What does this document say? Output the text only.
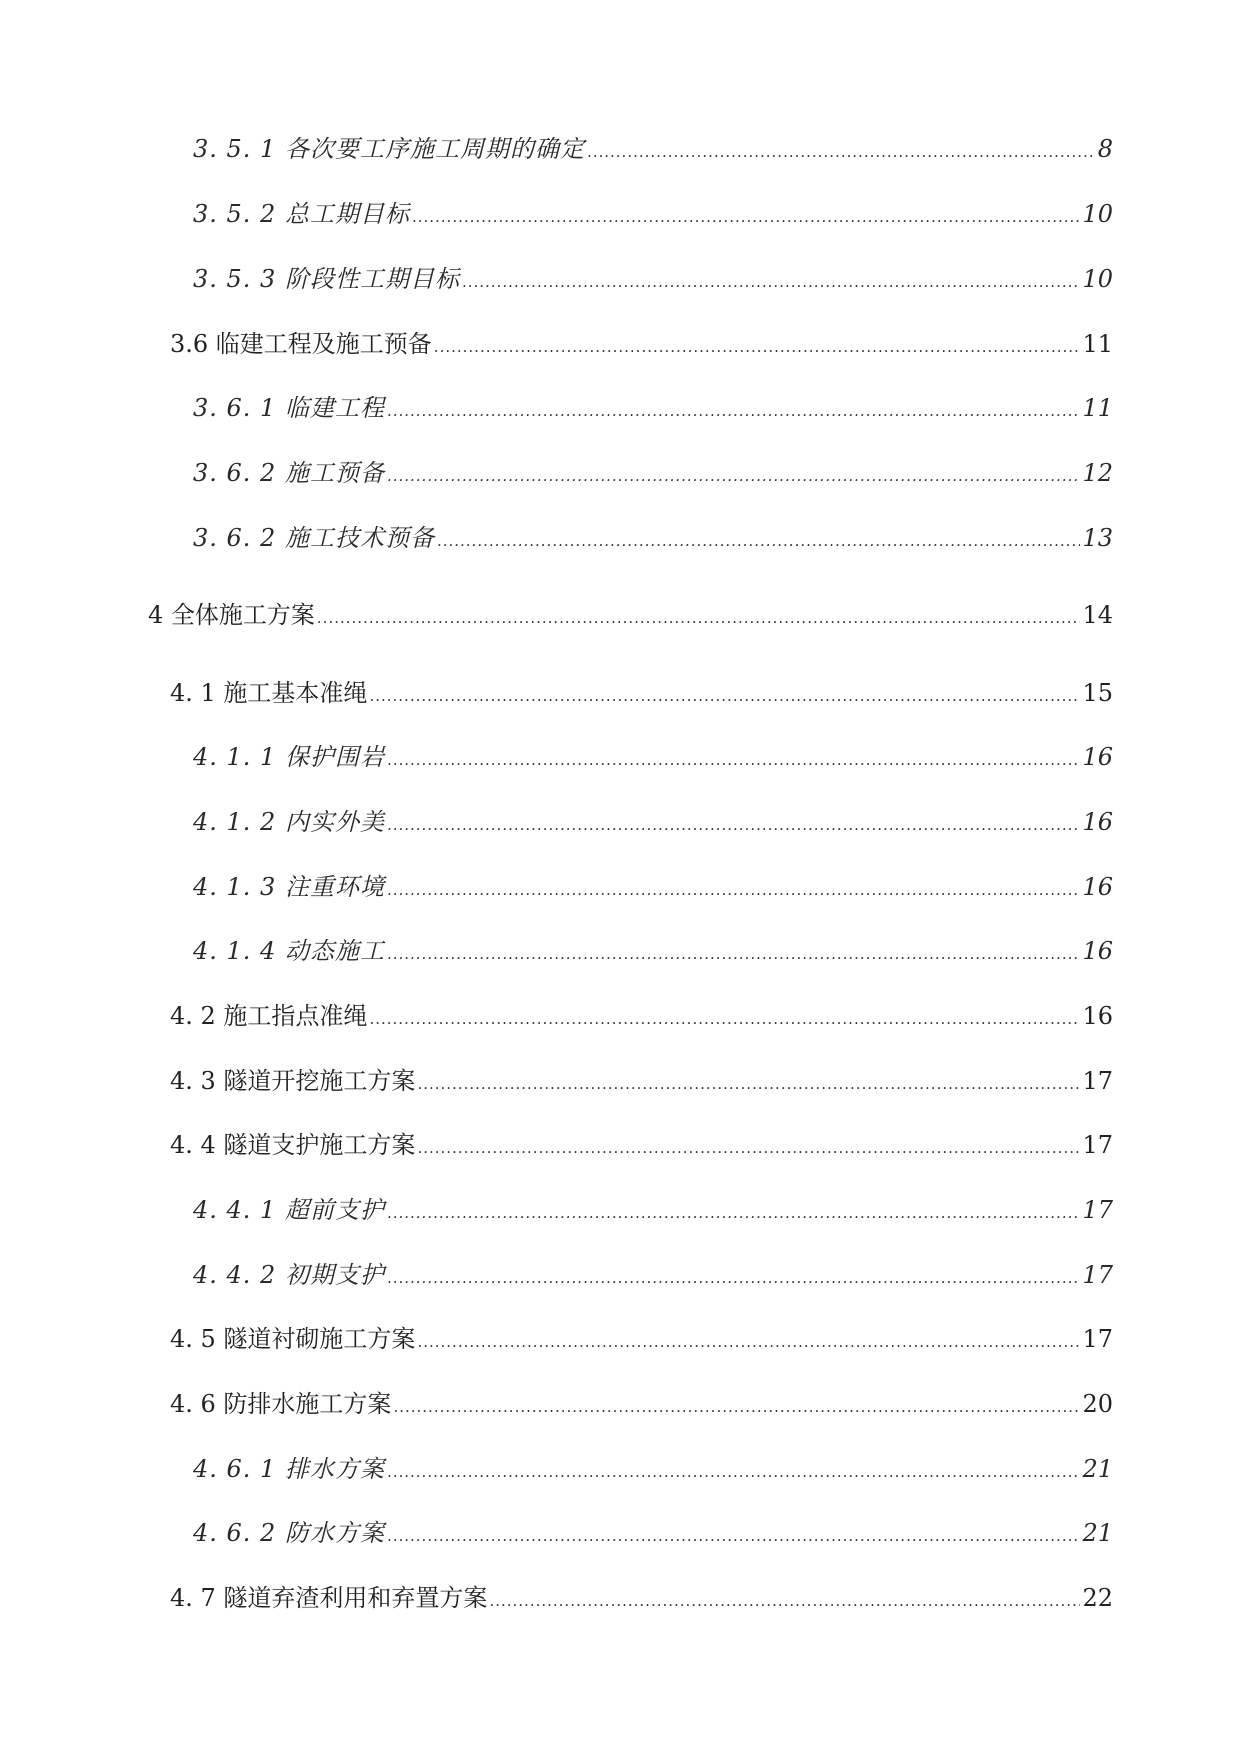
3. 5. 1 各次要工序施工周期的确定 .....	8
3. 5. 2 总工期目标 .....	10
3. 5. 3 阶段性工期目标 .....	10
3.6 临建工程及施工预备 .....	11
3. 6. 1 临建工程 .....	11
3. 6. 2 施工预备 .....	12
3. 6. 2 施工技术预备 .....	13
4 全体施工方案 .....	14
4. 1 施工基本准绳 .....	15
4. 1. 1 保护围岩 .....	16
4. 1. 2 内实外美 .....	16
4. 1. 3 注重环境 .....	16
4. 1. 4 动态施工 .....	16
4. 2 施工指点准绳 .....	16
4. 3 隧道开挖施工方案 .....	17
4. 4 隧道支护施工方案 .....	17
4. 4. 1 超前支护 .....	17
4. 4. 2 初期支护 .....	17
4. 5 隧道衬砌施工方案 .....	17
4. 6 防排水施工方案 .....	20
4. 6. 1 排水方案 .....	21
4. 6. 2 防水方案 .....	21
4. 7 隧道弃渣利用和弃置方案 .....	22
